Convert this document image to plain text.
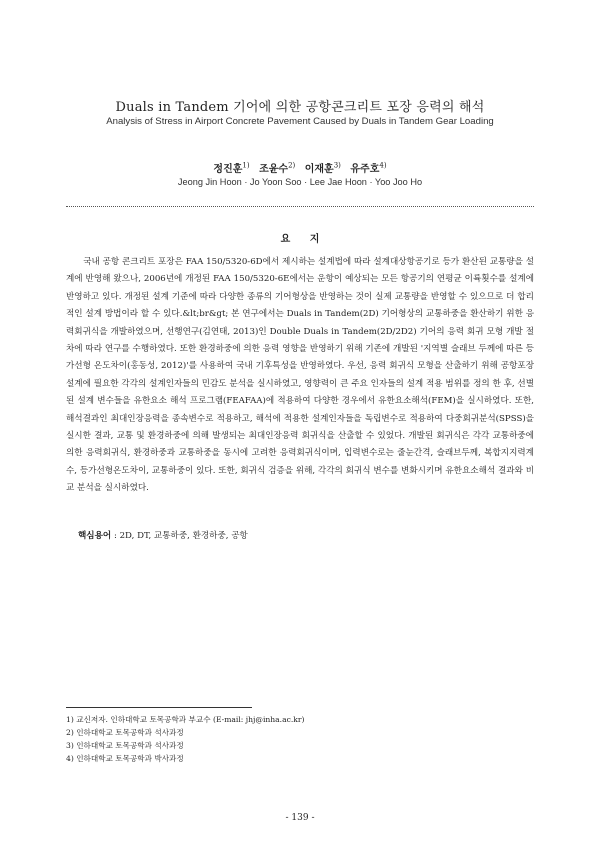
Duals in Tandem 기어에 의한 공항콘크리트 포장 응력의 해석
Analysis of Stress in Airport Concrete Pavement Caused by Duals in Tandem Gear Loading
정진훈$^{1)}$ 조윤수$^{2)}$ 이재훈$^{3)}$ 유주호$^{4)}$
Jeong Jin Hoon · Jo Yoon Soo · Lee Jae Hoon · Yoo Joo Ho
요 지
국내 공항 콘크리트 포장은 FAA 150/5320-6D에서 제시하는 설계법에 따라 설계대상항공기로 등가 환산된 교통량을 설계에 반영해 왔으나, 2006년에 개정된 FAA 150/5320-6E에서는 운항이 예상되는 모든 항공기의 연평균 이륙횟수를 설계에 반영하고 있다. 개정된 설계 기준에 따라 다양한 종류의 기어형상을 반영하는 것이 실제 교통량을 반영할 수 있으므로 더 합리적인 설계 방법이라 할 수 있다.&lt;br&gt; 본 연구에서는 Duals in Tandem(2D) 기어형상의 교통하중을 환산하기 위한 응력회귀식을 개발하였으며, 선행연구(김연태, 2013)인 Double Duals in Tandem(2D/2D2) 기어의 응력 회귀 모형 개발 절차에 따라 연구를 수행하였다. 또한 환경하중에 의한 응력 영향을 반영하기 위해 기존에 개발된 '지역별 슬래브 두께에 따른 등가선형 온도차이(홍동성, 2012)'를 사용하여 국내 기후특성을 반영하였다. 우선, 응력 회귀식 모형을 산출하기 위해 공항포장 설계에 필요한 각각의 설계인자들의 민감도 분석을 실시하였고, 영향력이 큰 주요 인자들의 설계 적용 범위를 정의 한 후, 선별된 설계 변수들을 유한요소 해석 프로그램(FEAFAA)에 적용하여 다양한 경우에서 유한요소해석(FEM)을 실시하였다. 또한, 해석결과인 최대인장응력을 종속변수로 적용하고, 해석에 적용한 설계인자들을 독립변수로 적용하여 다중회귀분석(SPSS)을 실시한 결과, 교통 및 환경하중에 의해 발생되는 최대인장응력 회귀식을 산출할 수 있었다. 개발된 회귀식은 각각 교통하중에 의한 응력회귀식, 환경하중과 교통하중을 동시에 고려한 응력회귀식이며, 입력변수로는 줄눈간격, 슬래브두께, 복합지지력계수, 등가선형온도차이, 교통하중이 있다. 또한, 회귀식 검증을 위해, 각각의 회귀식 변수를 변화시키며 유한요소해석 결과와 비교 분석을 실시하였다.
핵심용어 : 2D, DT, 교통하중, 환경하중, 공항
1) 교신저자. 인하대학교 토목공학과 부교수 (E-mail: jhj@inha.ac.kr)
2) 인하대학교 토목공학과 석사과정
3) 인하대학교 토목공학과 석사과정
4) 인하대학교 토목공학과 박사과정
- 139 -
